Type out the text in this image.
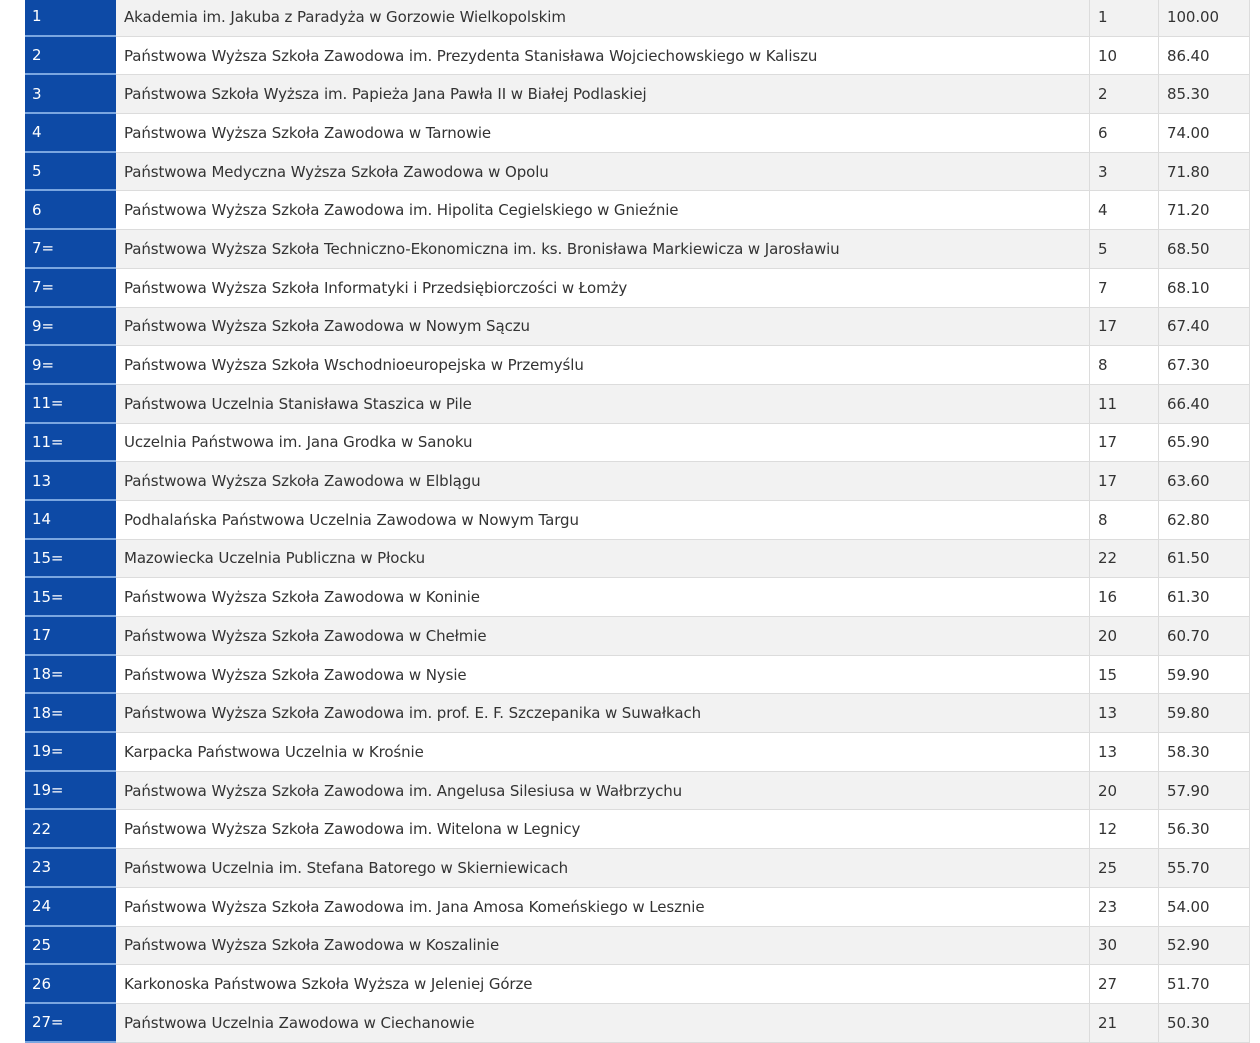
1	Akademia im. Jakuba z Paradyża w Gorzowie Wielkopolskim	1	100.00
2	Państwowa Wyższa Szkoła Zawodowa im. Prezydenta Stanisława Wojciechowskiego w Kaliszu	10	86.40
3	Państwowa Szkoła Wyższa im. Papieża Jana Pawła II w Białej Podlaskiej	2	85.30
4	Państwowa Wyższa Szkoła Zawodowa w Tarnowie	6	74.00
5	Państwowa Medyczna Wyższa Szkoła Zawodowa w Opolu	3	71.80
6	Państwowa Wyższa Szkoła Zawodowa im. Hipolita Cegielskiego w Gnieźnie	4	71.20
7=	Państwowa Wyższa Szkoła Techniczno-Ekonomiczna im. ks. Bronisława Markiewicza w Jarosławiu	5	68.50
7=	Państwowa Wyższa Szkoła Informatyki i Przedsiębiorczości w Łomży	7	68.10
9=	Państwowa Wyższa Szkoła Zawodowa w Nowym Sączu	17	67.40
9=	Państwowa Wyższa Szkoła Wschodnioeuropejska w Przemyślu	8	67.30
11=	Państwowa Uczelnia Stanisława Staszica w Pile	11	66.40
11=	Uczelnia Państwowa im. Jana Grodka w Sanoku	17	65.90
13	Państwowa Wyższa Szkoła Zawodowa w Elblągu	17	63.60
14	Podhalańska Państwowa Uczelnia Zawodowa w Nowym Targu	8	62.80
15=	Mazowiecka Uczelnia Publiczna w Płocku	22	61.50
15=	Państwowa Wyższa Szkoła Zawodowa w Koninie	16	61.30
17	Państwowa Wyższa Szkoła Zawodowa w Chełmie	20	60.70
18=	Państwowa Wyższa Szkoła Zawodowa w Nysie	15	59.90
18=	Państwowa Wyższa Szkoła Zawodowa im. prof. E. F. Szczepanika w Suwałkach	13	59.80
19=	Karpacka Państwowa Uczelnia w Krośnie	13	58.30
19=	Państwowa Wyższa Szkoła Zawodowa im. Angelusa Silesiusa w Wałbrzychu	20	57.90
22	Państwowa Wyższa Szkoła Zawodowa im. Witelona w Legnicy	12	56.30
23	Państwowa Uczelnia im. Stefana Batorego w Skierniewicach	25	55.70
24	Państwowa Wyższa Szkoła Zawodowa im. Jana Amosa Komeńskiego w Lesznie	23	54.00
25	Państwowa Wyższa Szkoła Zawodowa w Koszalinie	30	52.90
26	Karkonoska Państwowa Szkoła Wyższa w Jeleniej Górze	27	51.70
27=	Państwowa Uczelnia Zawodowa w Ciechanowie	21	50.30
